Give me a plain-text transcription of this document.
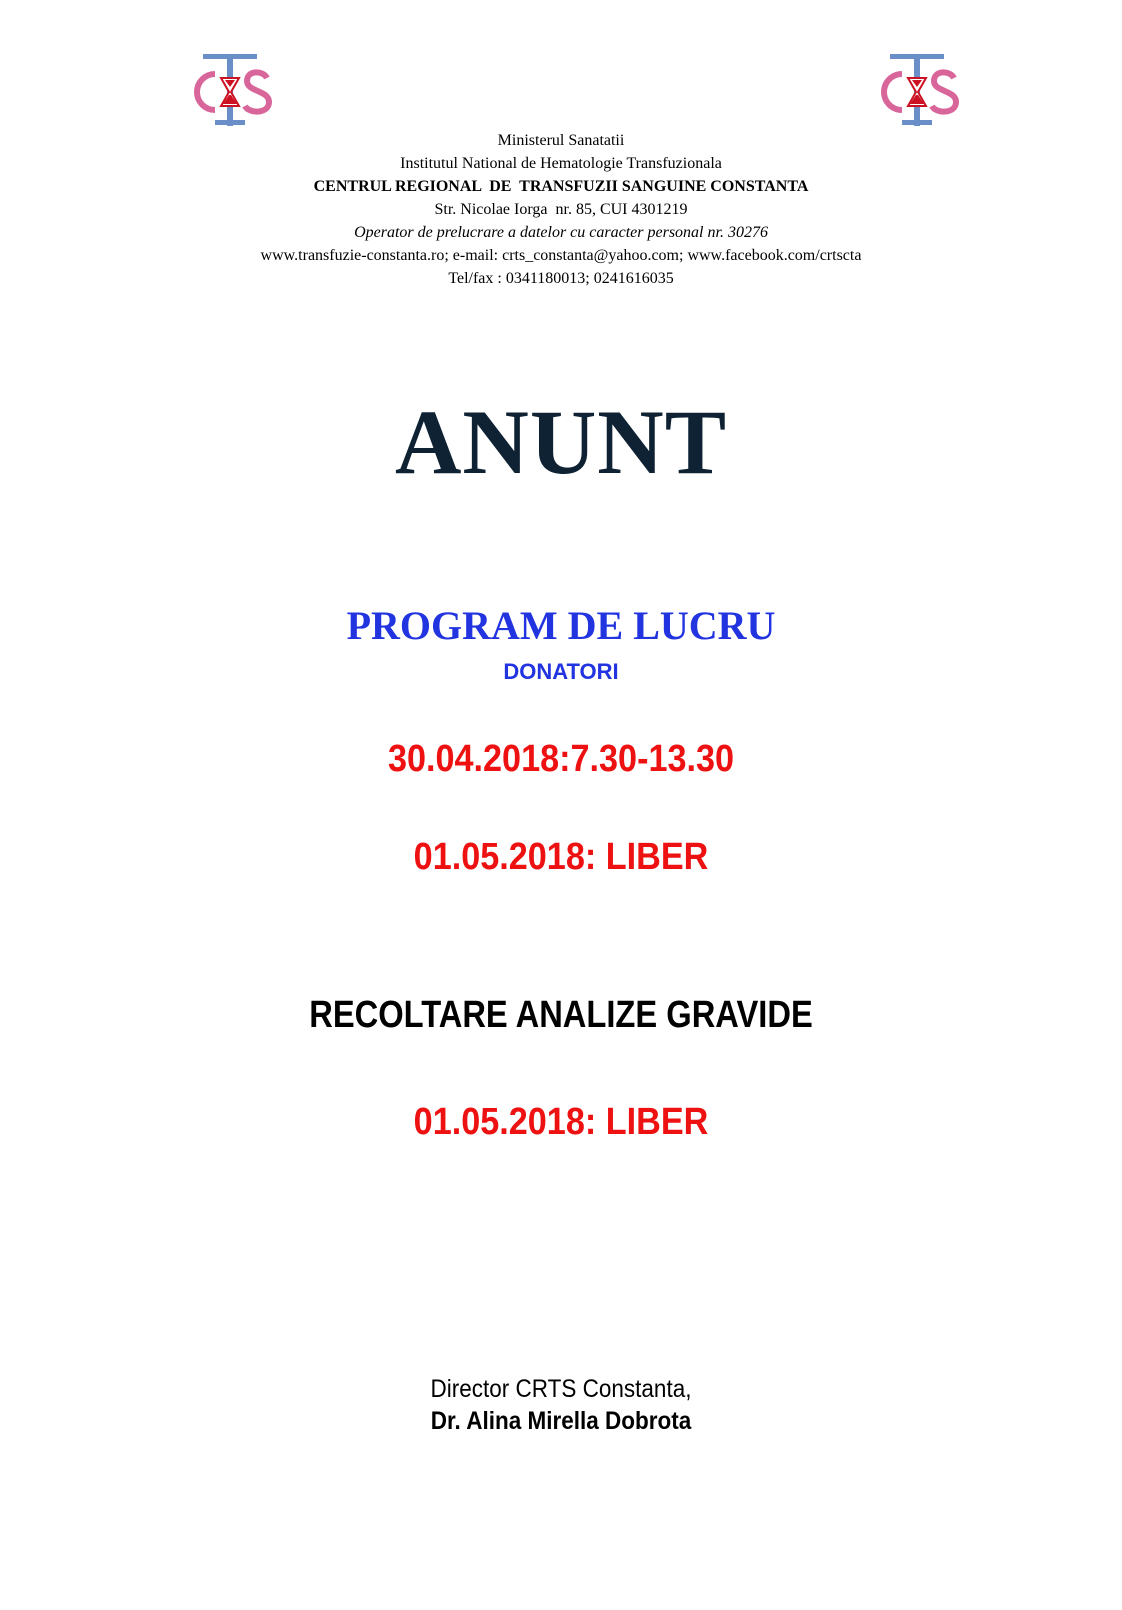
Ministerul Sanatatii
Institutul National de Hematologie Transfuzionala
CENTRUL REGIONAL  DE  TRANSFUZII SANGUINE CONSTANTA
Str. Nicolae Iorga  nr. 85, CUI 4301219
Operator de prelucrare a datelor cu caracter personal nr. 30276
www.transfuzie-constanta.ro; e-mail: crts_constanta@yahoo.com; www.facebook.com/crtscta
Tel/fax : 0341180013; 0241616035
ANUNT
PROGRAM DE LUCRU
DONATORI
30.04.2018:7.30-13.30
01.05.2018: LIBER
RECOLTARE ANALIZE GRAVIDE
01.05.2018: LIBER
Director CRTS Constanta,
Dr. Alina Mirella Dobrota
